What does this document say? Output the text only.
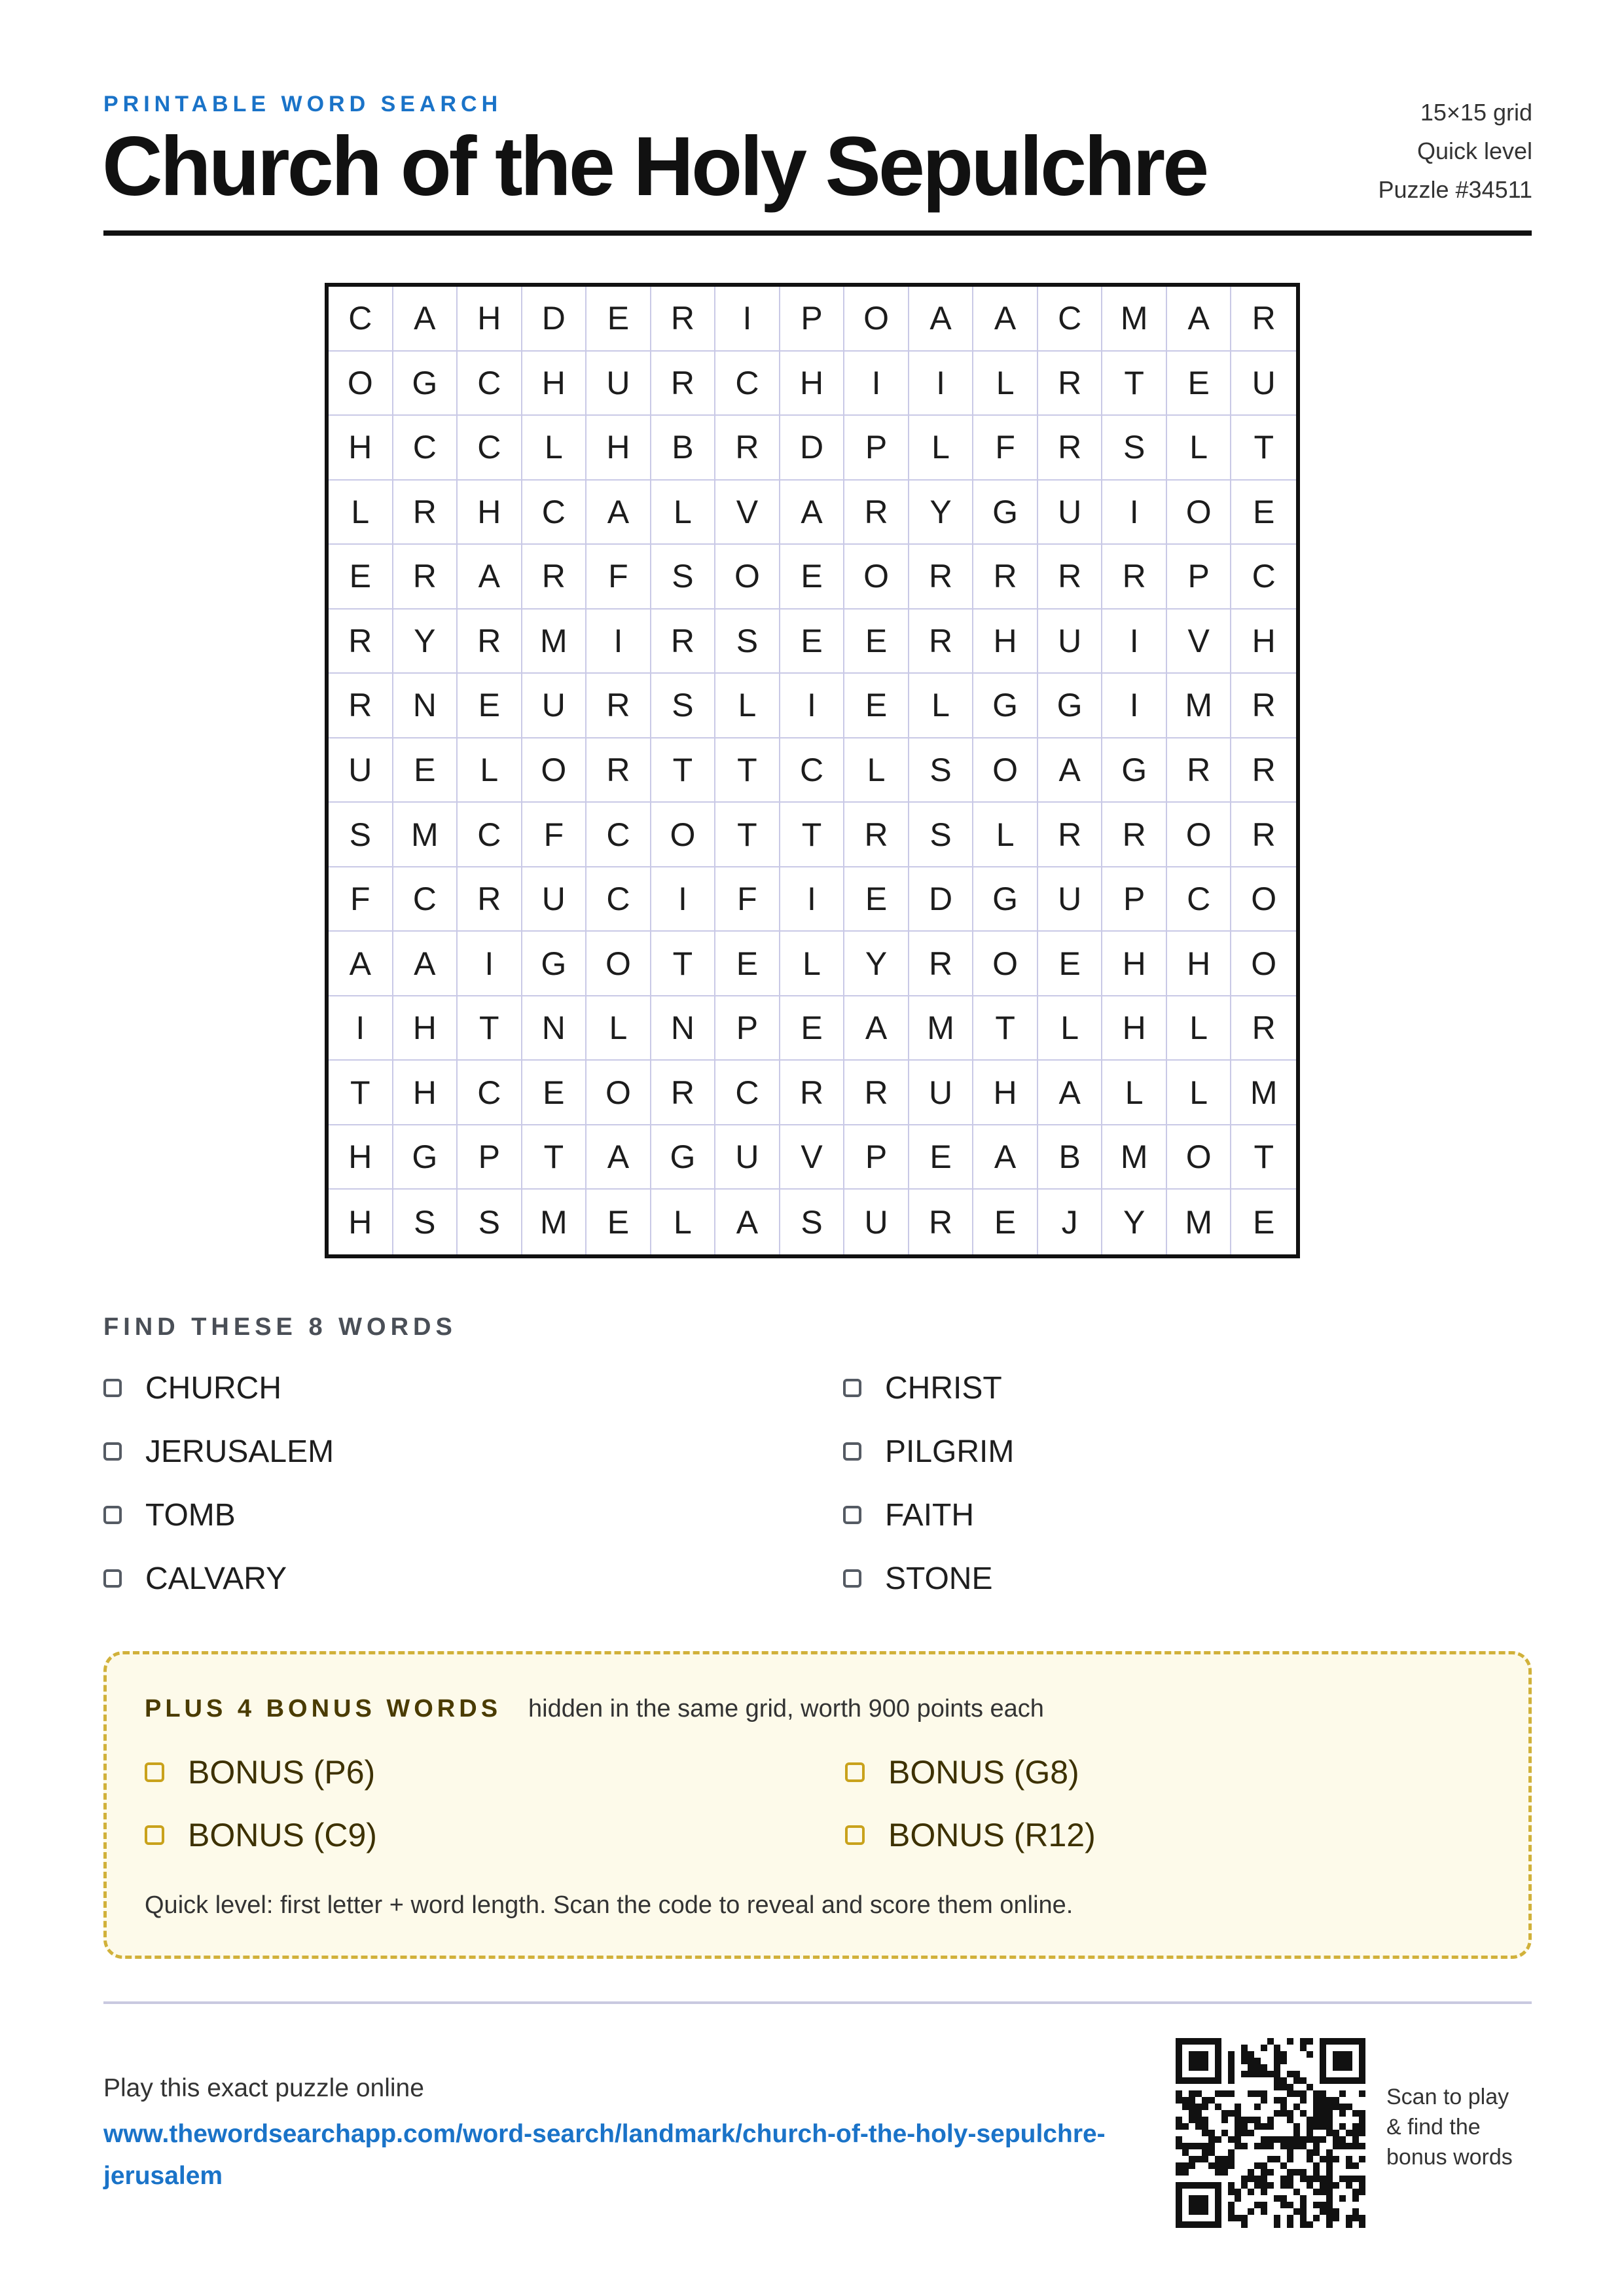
PRINTABLE WORD SEARCH
Church of the Holy Sepulchre
15×15 grid
Quick level
Puzzle #34511
C	A	H	D	E	R	I	P	O	A	A	C	M	A	R
O	G	C	H	U	R	C	H	I	I	L	R	T	E	U
H	C	C	L	H	B	R	D	P	L	F	R	S	L	T
L	R	H	C	A	L	V	A	R	Y	G	U	I	O	E
E	R	A	R	F	S	O	E	O	R	R	R	R	P	C
R	Y	R	M	I	R	S	E	E	R	H	U	I	V	H
R	N	E	U	R	S	L	I	E	L	G	G	I	M	R
U	E	L	O	R	T	T	C	L	S	O	A	G	R	R
S	M	C	F	C	O	T	T	R	S	L	R	R	O	R
F	C	R	U	C	I	F	I	E	D	G	U	P	C	O
A	A	I	G	O	T	E	L	Y	R	O	E	H	H	O
I	H	T	N	L	N	P	E	A	M	T	L	H	L	R
T	H	C	E	O	R	C	R	R	U	H	A	L	L	M
H	G	P	T	A	G	U	V	P	E	A	B	M	O	T
H	S	S	M	E	L	A	S	U	R	E	J	Y	M	E
FIND THESE 8 WORDS
CHURCH	CHRIST
JERUSALEM	PILGRIM
TOMB	FAITH
CALVARY	STONE
PLUS 4 BONUS WORDS hidden in the same grid, worth 900 points each
BONUS (P6)	BONUS (G8)
BONUS (C9)	BONUS (R12)
Quick level: first letter + word length. Scan the code to reveal and score them online.
Play this exact puzzle online
www.thewordsearchapp.com/word-search/landmark/church-of-the-holy-sepulchre-jerusalem
Scan to play
& find the
bonus words
